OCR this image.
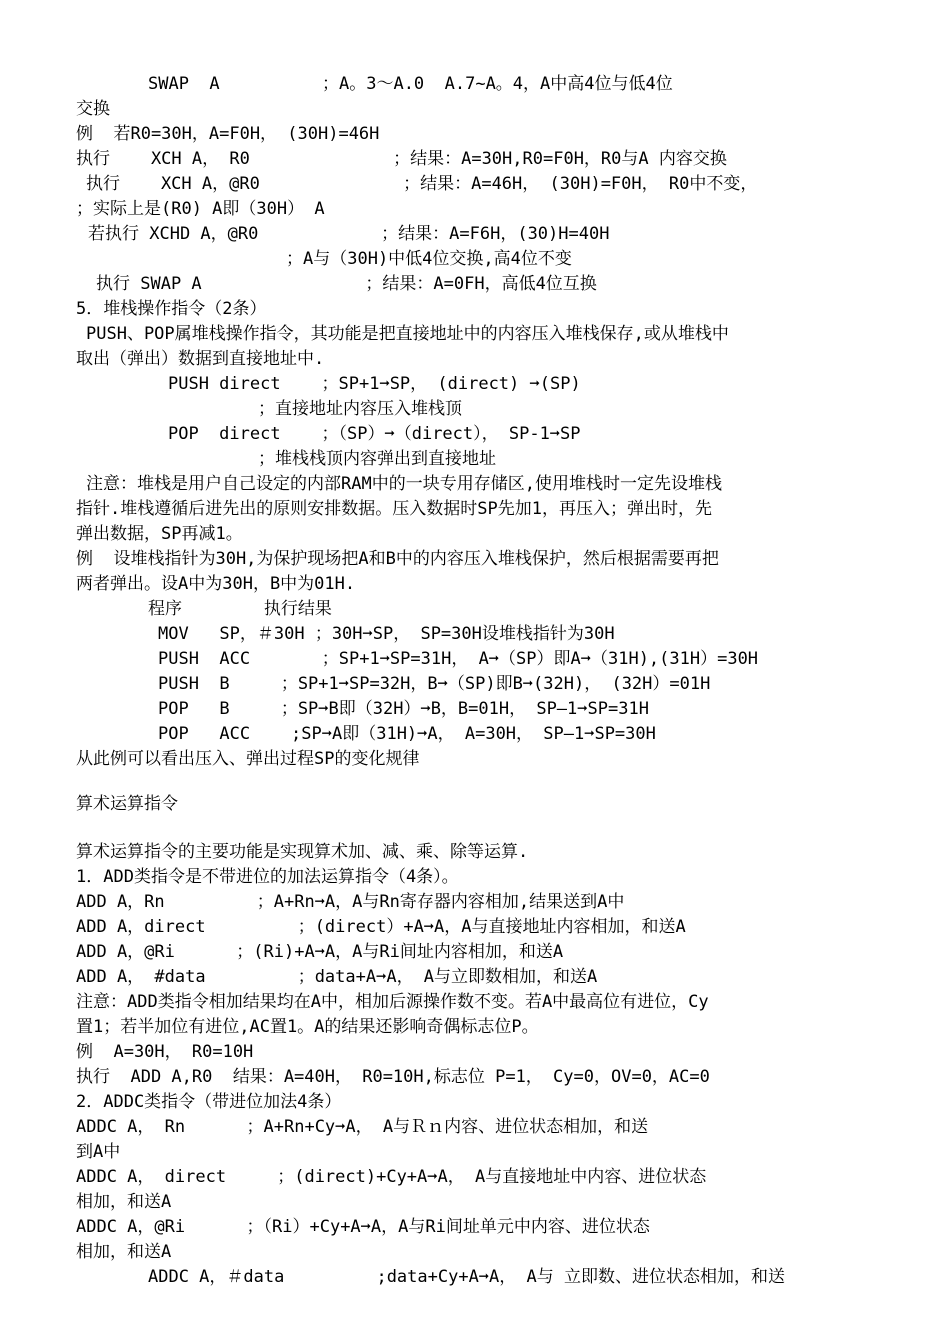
SWAP  A          ；A。3～A.0  A.7~A。4，A中高4位与低4位
交换
例  若R0=30H，A=F0H， (30H)=46H
执行    XCH A， R0              ；结果：A=30H,R0=F0H，R0与A 内容交换
执行    XCH A，@R0              ；结果：A=46H， (30H)=F0H， R0中不变，
；实际上是(R0) A即（30H） A
若执行 XCHD A，@R0            ；结果：A=F6H，(30)H=40H
；A与（30H)中低4位交换,高4位不变
执行 SWAP A                ；结果：A=0FH，高低4位互换
5．堆栈操作指令（2条）
PUSH、POP属堆栈操作指令，其功能是把直接地址中的内容压入堆栈保存,或从堆栈中
取出（弹出）数据到直接地址中.
PUSH direct    ；SP+1➞SP， (direct) ➞(SP)
；直接地址内容压入堆栈顶
POP  direct    ；（SP）➞（direct）， SP-1➞SP
；堆栈栈顶内容弹出到直接地址
注意：堆栈是用户自己设定的内部RAM中的一块专用存储区,使用堆栈时一定先设堆栈
指针.堆栈遵循后进先出的原则安排数据。压入数据时SP先加1，再压入；弹出时，先
弹出数据，SP再减1。
例  设堆栈指针为30H,为保护现场把A和B中的内容压入堆栈保护，然后根据需要再把
两者弹出。设A中为30H，B中为01H.
程序        执行结果
MOV   SP，＃30H ；30H➞SP， SP=30H设堆栈指针为30H
PUSH  ACC       ；SP+1➞SP=31H， A➞（SP）即A➞（31H),(31H）=30H
PUSH  B     ；SP+1➞SP=32H，B➞（SP)即B➞(32H)， (32H）=01H
POP   B     ；SP➞B即（32H）➞B，B=01H， SP—1➞SP=31H
POP   ACC    ;SP➞A即（31H)➞A， A=30H， SP—1➞SP=30H
从此例可以看出压入、弹出过程SP的变化规律
算术运算指令
算术运算指令的主要功能是实现算术加、减、乘、除等运算.
1．ADD类指令是不带进位的加法运算指令（4条）。
ADD A，Rn         ；A+Rn➞A，A与Rn寄存器内容相加,结果送到A中
ADD A，direct         ；(direct）+A➞A，A与直接地址内容相加，和送A
ADD A，@Ri      ；(Ri)+A➞A，A与Ri间址内容相加，和送A
ADD A， #data         ；data+A➞A， A与立即数相加，和送A
注意：ADD类指令相加结果均在A中，相加后源操作数不变。若A中最高位有进位，Cy
置1；若半加位有进位,AC置1。A的结果还影响奇偶标志位P。
例  A=30H， R0=10H
执行  ADD A,R0  结果：A=40H， R0=10H,标志位 P=1， Cy=0，OV=0，AC=0
2．ADDC类指令（带进位加法4条）
ADDC A， Rn      ；A+Rn+Cy➞A， A与Ｒｎ内容、进位状态相加，和送
到A中
ADDC A， direct     ；(direct)+Cy+A➞A， A与直接地址中内容、进位状态
相加，和送A
ADDC A，@Ri      ；（Ri）+Cy+A➞A，A与Ri间址单元中内容、进位状态
相加，和送A
ADDC A，＃data         ;data+Cy+A➞A， A与 立即数、进位状态相加，和送
